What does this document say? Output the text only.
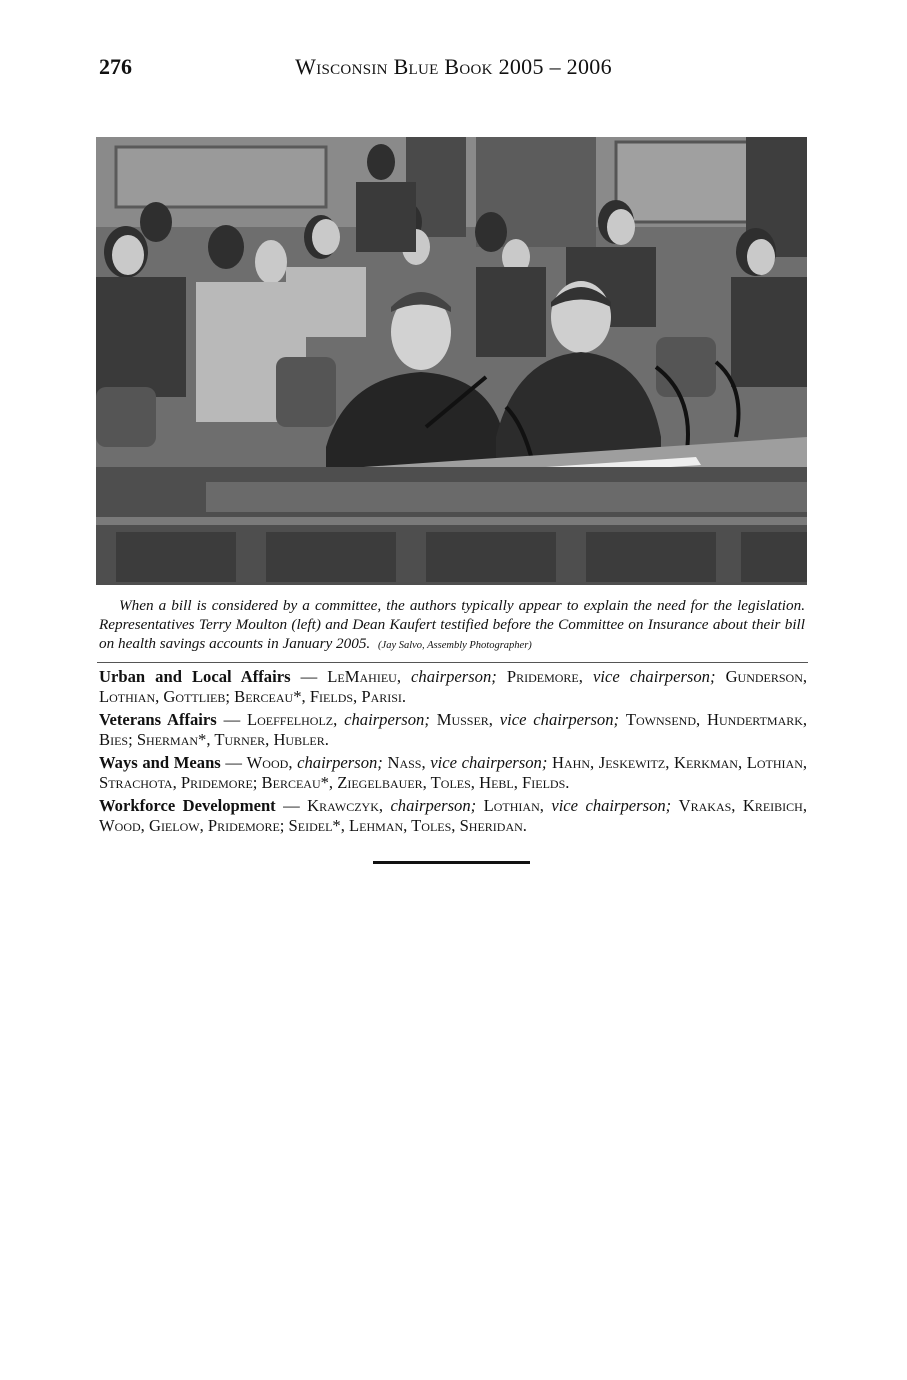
276	Wisconsin Blue Book 2005 – 2006
When a bill is considered by a committee, the authors typically appear to explain the need for the legislation. Representatives Terry Moulton (left) and Dean Kaufert testified before the Committee on Insurance about their bill on health savings accounts in January 2005. (Jay Salvo, Assembly Photographer)

Urban and Local Affairs — LeMahieu, chairperson; Pridemore, vice chairperson; Gunderson, Lothian, Gottlieb; Berceau*, Fields, Parisi.

Veterans Affairs — Loeffelholz, chairperson; Musser, vice chairperson; Townsend, Hundertmark, Bies; Sherman*, Turner, Hubler.

Ways and Means — Wood, chairperson; Nass, vice chairperson; Hahn, Jeskewitz, Kerkman, Lothian, Strachota, Pridemore; Berceau*, Ziegelbauer, Toles, Hebl, Fields.

Workforce Development — Krawczyk, chairperson; Lothian, vice chairperson; Vrakas, Kreibich, Wood, Gielow, Pridemore; Seidel*, Lehman, Toles, Sheridan.
